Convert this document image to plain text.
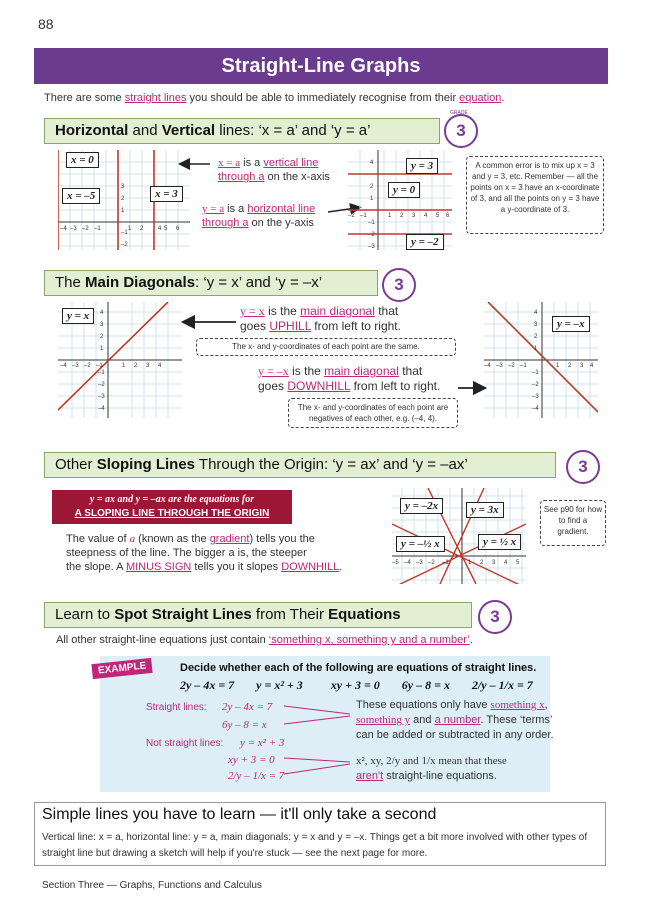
88
Straight-Line Graphs
There are some straight lines you should be able to immediately recognise from their equation.
Horizontal and Vertical lines: ‘x = a’ and ‘y = a’	3
GRADE
3
2
1
–1
–2
–4 –3 –2 –1	1 2 4 5 6
x = 0
x = –5	x = 3
x = a is a vertical line
through a on the x-axis
y = a is a horizontal line
through a on the y-axis
4
2
1
–1
–2
–3
–2 –1	1 2 3 4 5 6
y = 3
y = 0
y = –2
A common error is to mix up x = 3 and y = 3, etc. Remember — all the points on x = 3 have an x-coordinate of 3, and all the points on y = 3 have a y-coordinate of 3.
The Main Diagonals: ‘y = x’ and ‘y = –x’	3
4
3
2
1
–1
–2
–3
–4
–4 –3 –2 –1	1 2 3 4
y = x	4
3
2
1
–1
–2
–3
–4
–4 –3 –2 –1	1 2 3 4
y = –x
y = x is the main diagonal that
goes UPHILL from left to right.
The x- and y-coordinates of each point are the same.
y = –x is the main diagonal that
goes DOWNHILL from left to right.
The x- and y-coordinates of each point are negatives of each other, e.g. (–4, 4).
Other Sloping Lines Through the Origin: ‘y = ax’ and ‘y = –ax’	3
y = ax and y = –ax are the equations for
A SLOPING LINE THROUGH THE ORIGIN
The value of a (known as the gradient) tells you the
steepness of the line. The bigger a is, the steeper
the slope. A MINUS SIGN tells you it slopes DOWNHILL.	–5 –4 –3 –2 –1	1 2 3 4 5
y = –2x	y = 3x
y = –½ x	y = ½ x
See p90 for how to find a gradient.
Learn to Spot Straight Lines from Their Equations	3
All other straight-line equations just contain ‘something x, something y and a number’.
EXAMPLE	Decide whether each of the following are equations of straight lines.
2y – 4x = 7 y = x² + 3 xy + 3 = 0 6y – 8 = x 2/y – 1/x = 7
Straight lines: 2y – 4x = 7
6y – 8 = x
Not straight lines: y = x² + 3
xy + 3 = 0
2/y – 1/x = 7
These equations only have something x,
something y and a number. These ‘terms’
can be added or subtracted in any order.
x², xy, 2/y and 1/x mean that these
aren't straight-line equations.
Simple lines you have to learn — it'll only take a second
Vertical line: x = a, horizontal line: y = a, main diagonals: y = x and y = –x. Things get a bit more involved with other types of straight line but drawing a sketch will help if you're stuck — see the next page for more.
Section Three — Graphs, Functions and Calculus
